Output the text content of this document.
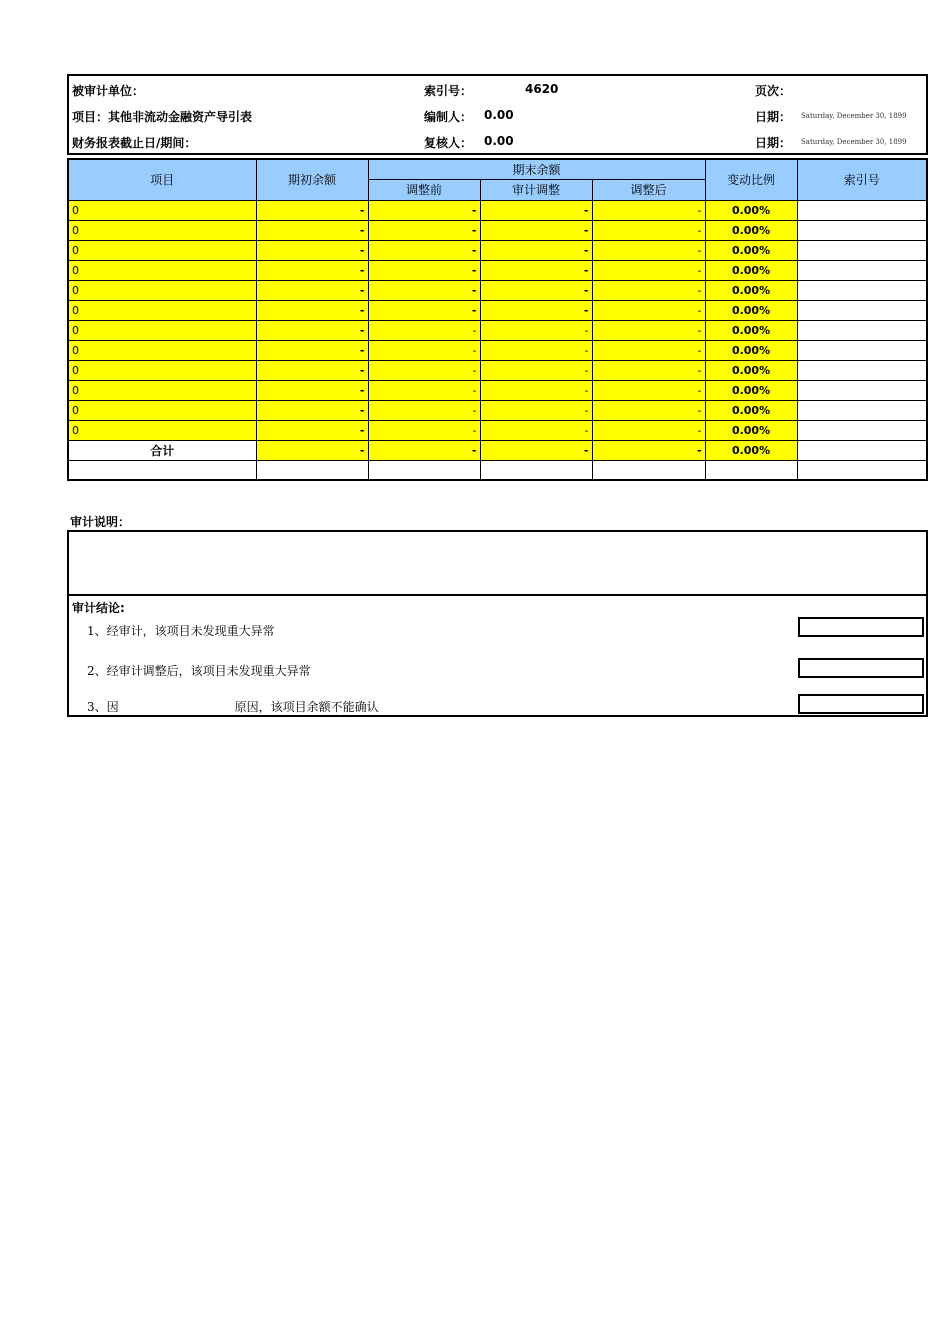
被审计单位：	索引号：	4620	页次：
项目：其他非流动金融资产导引表	编制人： 0.00	日期： Saturday, December 30, 1899
财务报表截止日/期间：	复核人： 0.00	日期： Saturday, December 30, 1899
项目	期初余额	期末余额			变动比例	索引号
		调整前	审计调整	调整后		
0	-	-	-	-	0.00%	
0	-	-	-	-	0.00%	
0	-	-	-	-	0.00%	
0	-	-	-	-	0.00%	
0	-	-	-	-	0.00%	
0	-	-	-	-	0.00%	
0	-	-	-	-	0.00%	
0	-	-	-	-	0.00%	
0	-	-	-	-	0.00%	
0	-	-	-	-	0.00%	
0	-	-	-	-	0.00%	
0	-	-	-	-	0.00%	
合计	-	-	-	-	0.00%	

审计说明：
审计结论:
1、经审计，该项目未发现重大异常
2、经审计调整后，该项目未发现重大异常
3、因	原因，该项目余额不能确认
